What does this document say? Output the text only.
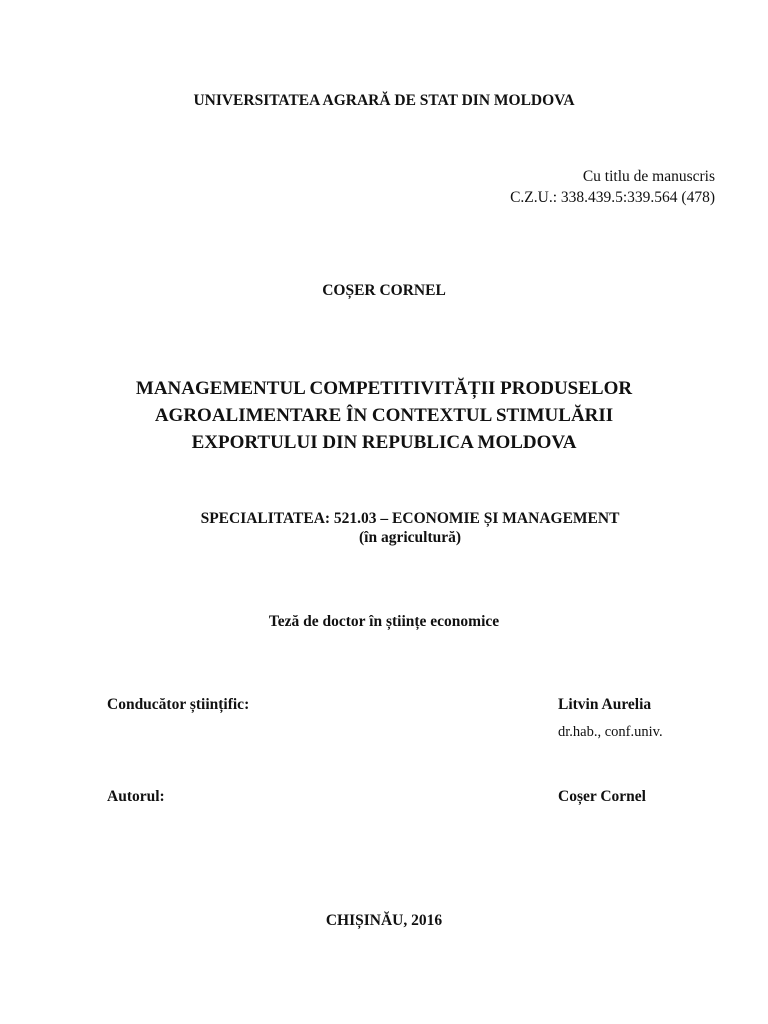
UNIVERSITATEA AGRARĂ DE STAT DIN MOLDOVA
Cu titlu de manuscris
C.Z.U.: 338.439.5:339.564 (478)
COȘER CORNEL
MANAGEMENTUL COMPETITIVITĂȚII PRODUSELOR
AGROALIMENTARE ÎN CONTEXTUL STIMULĂRII
EXPORTULUI DIN REPUBLICA MOLDOVA
SPECIALITATEA: 521.03 – ECONOMIE ȘI MANAGEMENT
(în agricultură)
Teză de doctor în științe economice
Conducător științific:	Litvin Aurelia
dr.hab., conf.univ.
Autorul:	Coșer Cornel
CHIȘINĂU, 2016
